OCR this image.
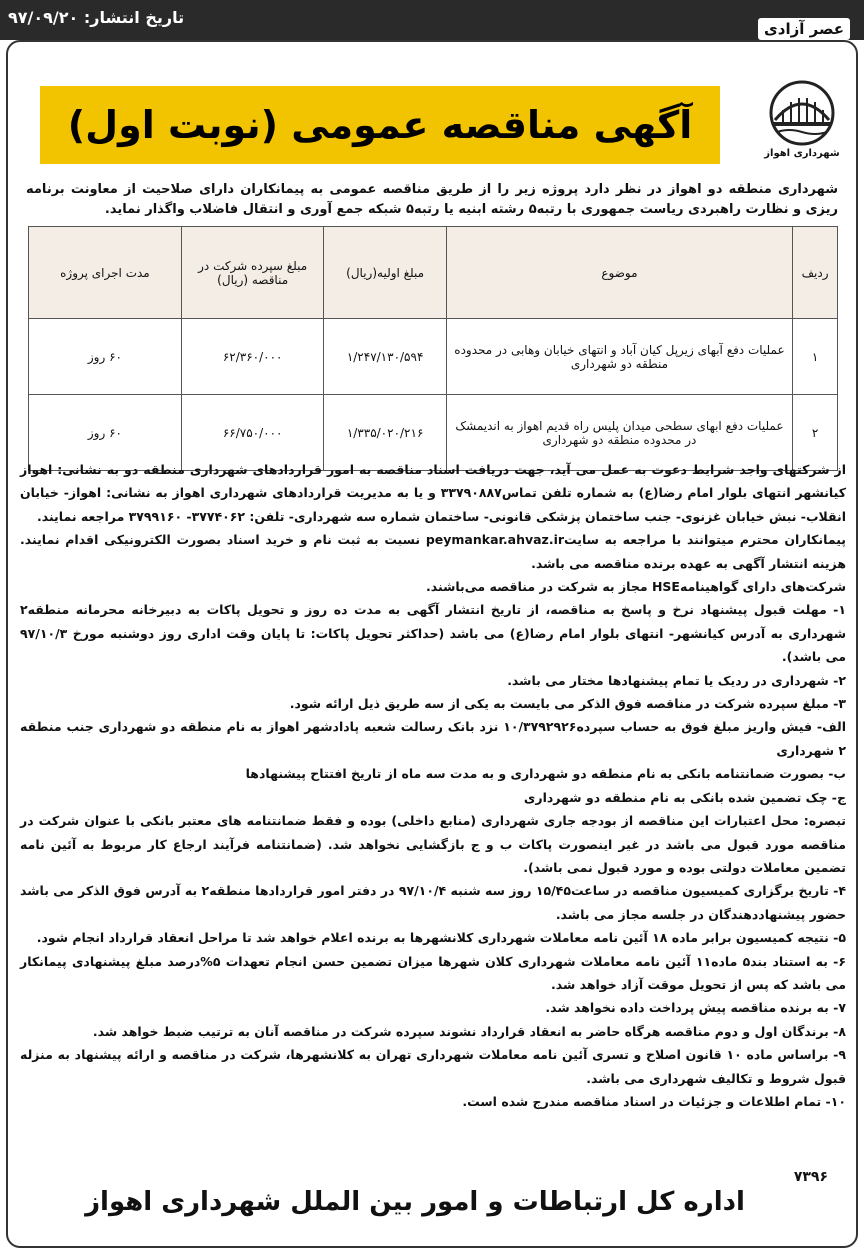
تاریخ انتشار: ۹۷/۰۹/۲۰
عصر آزادی
شهرداری اهواز
آگهی مناقصه عمومی (نوبت اول)
شهرداری منطقه دو اهواز در نظر دارد پروژه زیر را از طریق مناقصه عمومی به پیمانکاران دارای صلاحیت از معاونت برنامه ریزی و نظارت راهبردی ریاست جمهوری با رتبه۵ رشته ابنیه یا رتبه۵ شبکه جمع آوری و انتقال فاضلاب واگذار نماید.
ردیف	موضوع	مبلغ اولیه(ریال)	مبلغ سپرده شرکت در مناقصه (ریال)	مدت اجرای پروژه
۱	عملیات دفع آبهای زیرپل کیان آباد و انتهای خیابان وهابی در محدوده منطقه دو شهرداری	۱/۲۴۷/۱۳۰/۵۹۴	۶۲/۳۶۰/۰۰۰	۶۰ روز
۲	عملیات دفع ابهای سطحی میدان پلیس راه قدیم اهواز به اندیمشک در محدوده منطقه دو شهرداری	۱/۳۳۵/۰۲۰/۲۱۶	۶۶/۷۵۰/۰۰۰	۶۰ روز

از شرکتهای واجد شرایط دعوت به عمل می آید، جهت دریافت اسناد مناقصه به امور قراردادهای شهرداری منطقه دو به نشانی: اهواز کیانشهر انتهای بلوار امام رضا(ع) به شماره تلفن تماس۳۳۷۹۰۸۸۷ و یا به مدیریت قراردادهای شهرداری اهواز به نشانی: اهواز- خیابان انقلاب- نبش خیابان غزنوی- جنب ساختمان پزشکی قانونی- ساختمان شماره سه شهرداری- تلفن: ۳۷۷۴۰۶۲- ۳۷۹۹۱۶۰ مراجعه نمایند.

پیمانکاران محترم میتوانند با مراجعه به سایتpeymankar.ahvaz.ir نسبت به ثبت نام و خرید اسناد بصورت الکترونیکی اقدام نمایند. هزینه انتشار آگهی به عهده برنده مناقصه می باشد.

شرکت‌های دارای گواهینامهHSE مجاز به شرکت در مناقصه می‌باشند.

۱- مهلت قبول پیشنهاد نرخ و پاسخ به مناقصه، از تاریخ انتشار آگهی به مدت ده روز و تحویل پاکات به دبیرخانه محرمانه منطقه۲ شهرداری به آدرس کیانشهر- انتهای بلوار امام رضا(ع) می باشد (حداکثر تحویل پاکات: تا پایان وقت اداری روز دوشنبه مورخ ۹۷/۱۰/۳ می باشد).

۲- شهرداری در ردیک یا تمام پیشنهادها مختار می باشد.

۳- مبلغ سپرده شرکت در مناقصه فوق الذکر می بایست به یکی از سه طریق ذیل ارائه شود.

الف- فیش واریز مبلغ فوق به حساب سپرده۱۰/۳۷۹۲۹۲۶ نزد بانک رسالت شعبه پادادشهر اهواز به نام منطقه دو شهرداری جنب منطقه ۲ شهرداری

ب- بصورت ضمانتنامه بانکی به نام منطقه دو شهرداری و به مدت سه ماه از تاریخ افتتاح پیشنهادها

ج- چک تضمین شده بانکی به نام منطقه دو شهرداری

تبصره: محل اعتبارات این مناقصه از بودجه جاری شهرداری (منابع داخلی) بوده و فقط ضمانتنامه های معتبر بانکی با عنوان شرکت در مناقصه مورد قبول می باشد در غیر اینصورت پاکات ب و ج بازگشایی نخواهد شد. (ضمانتنامه فرآیند ارجاع کار مربوط به آئین نامه تضمین معاملات دولتی بوده و مورد قبول نمی باشد).

۴- تاریخ برگزاری کمیسیون مناقصه در ساعت۱۵/۴۵ روز سه شنبه ۹۷/۱۰/۴ در دفتر امور قراردادها منطقه۲ به آدرس فوق الذکر می باشد حضور پیشنهاددهندگان در جلسه مجاز می باشد.

۵- نتیجه کمیسیون برابر ماده ۱۸ آئین نامه معاملات شهرداری کلانشهرها به برنده اعلام خواهد شد تا مراحل انعقاد قرارداد انجام شود.

۶- به استناد بند۵ ماده۱۱ آئین نامه معاملات شهرداری کلان شهرها میزان تضمین حسن انجام تعهدات ۵%درصد مبلغ پیشنهادی پیمانکار می باشد که پس از تحویل موقت آزاد خواهد شد.

۷- به برنده مناقصه پیش پرداخت داده نخواهد شد.

۸- برندگان اول و دوم مناقصه هرگاه حاضر به انعقاد قرارداد نشوند سپرده شرکت در مناقصه آنان به ترتیب ضبط خواهد شد.

۹- براساس ماده ۱۰ قانون اصلاح و تسری آئین نامه معاملات شهرداری تهران به کلانشهرها، شرکت در مناقصه و ارائه پیشنهاد به منزله قبول شروط و تکالیف شهرداری می باشد.

۱۰- تمام اطلاعات و جزئیات در اسناد مناقصه مندرج شده است.

۷۳۹۶
اداره کل ارتباطات و امور بین الملل شهرداری اهواز
